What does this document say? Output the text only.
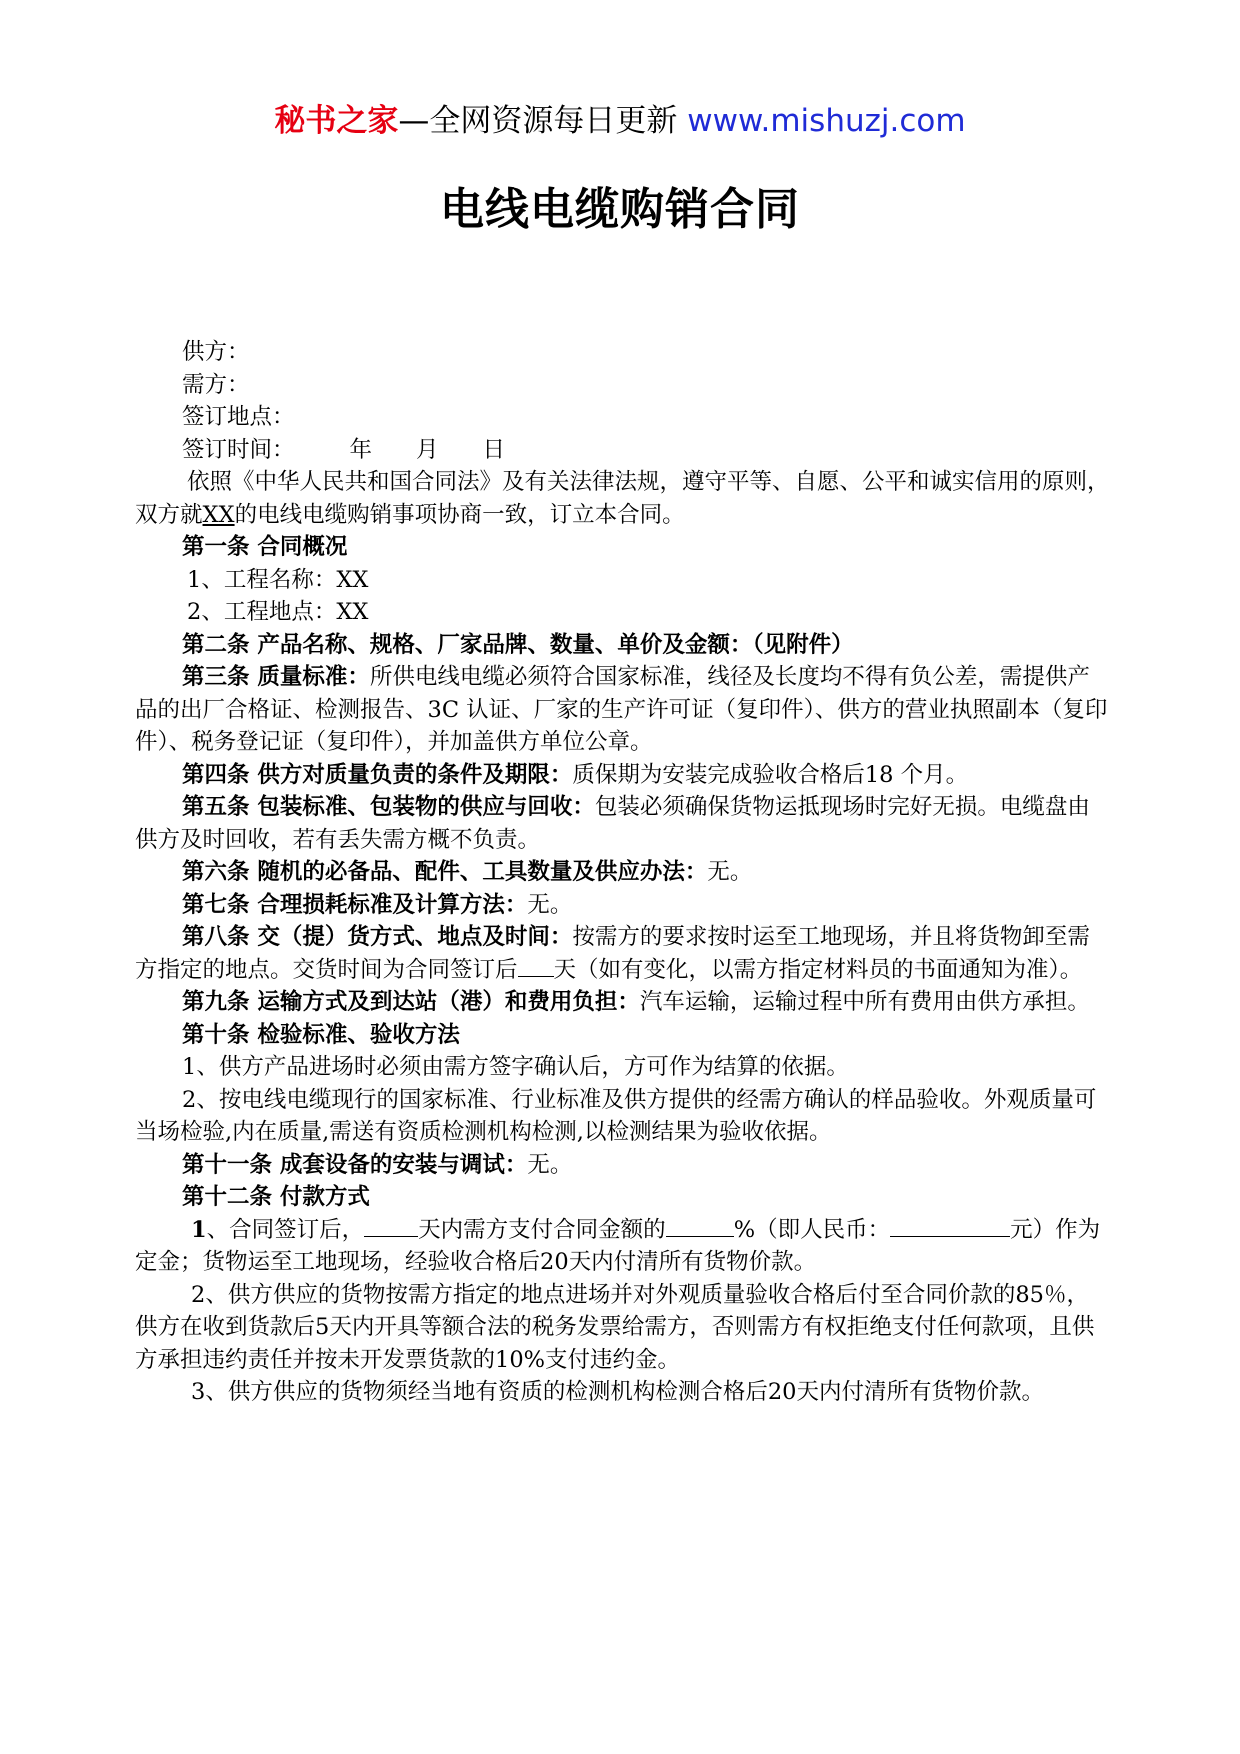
秘书之家—全网资源每日更新 www.mishuzj.com
电线电缆购销合同

供方：

需方：

签订地点：

签订时间： 年 月 日

依照《中华人民共和国合同法》及有关法律法规，遵守平等、自愿、公平和诚实信用的原则，双方就XX的电线电缆购销事项协商一致，订立本合同。

第一条 合同概况

1、工程名称：XX

2、工程地点：XX

第二条 产品名称、规格、厂家品牌、数量、单价及金额：（见附件）

第三条 质量标准：所供电线电缆必须符合国家标准，线径及长度均不得有负公差，需提供产品的出厂合格证、检测报告、3C 认证、厂家的生产许可证（复印件）、供方的营业执照副本（复印件）、税务登记证（复印件），并加盖供方单位公章。

第四条 供方对质量负责的条件及期限：质保期为安装完成验收合格后18 个月。

第五条 包装标准、包装物的供应与回收：包装必须确保货物运抵现场时完好无损。电缆盘由供方及时回收，若有丢失需方概不负责。

第六条 随机的必备品、配件、工具数量及供应办法：无。

第七条 合理损耗标准及计算方法：无。

第八条 交（提）货方式、地点及时间：按需方的要求按时运至工地现场，并且将货物卸至需方指定的地点。交货时间为合同签订后 天（如有变化，以需方指定材料员的书面通知为准）。

第九条 运输方式及到达站（港）和费用负担：汽车运输，运输过程中所有费用由供方承担。

第十条 检验标准、验收方法

1、供方产品进场时必须由需方签字确认后，方可作为结算的依据。

2、按电线电缆现行的国家标准、行业标准及供方提供的经需方确认的样品验收。外观质量可当场检验,内在质量,需送有资质检测机构检测,以检测结果为验收依据。

第十一条 成套设备的安装与调试：无。

第十二条 付款方式

1、合同签订后， 天内需方支付合同金额的	%（即人民币：	元）作为定金；货物运至工地现场，经验收合格后20天内付清所有货物价款。

2、供方供应的货物按需方指定的地点进场并对外观质量验收合格后付至合同价款的85％，供方在收到货款后5天内开具等额合法的税务发票给需方，否则需方有权拒绝支付任何款项，且供方承担违约责任并按未开发票货款的10%支付违约金。

3、供方供应的货物须经当地有资质的检测机构检测合格后20天内付清所有货物价款。
